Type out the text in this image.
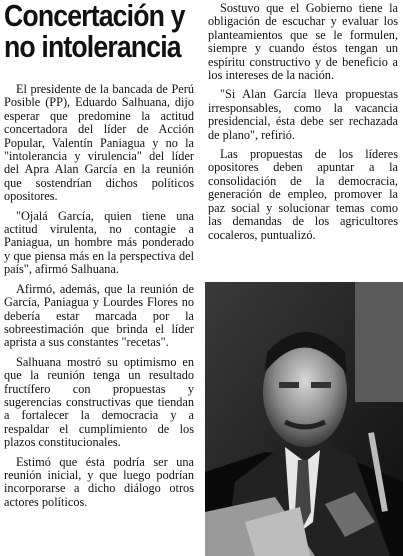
Concertación y
no intolerancia

El presidente de la bancada de Perú Posible (PP), Eduardo Salhuana, dijo esperar que predomine la actitud concertadora del líder de Acción Popular, Valentín Paniagua y no la "intolerancia y virulencia" del líder del Apra Alan García en la reunión que sostendrían dichos políticos opositores.

"Ojalá García, quien tiene una actitud virulenta, no contagie a Paniagua, un hombre más ponderado y que piensa más en la perspectiva del país", afirmó Salhuana.

Afirmó, además, que la reunión de García, Paniagua y Lourdes Flores no debería estar marcada por la sobreestimación que brinda el líder aprista a sus constantes "recetas".

Salhuana mostró su optimismo en que la reunión tenga un resultado fructífero con propuestas y sugerencias constructivas que tiendan a fortalecer la democracia y a respaldar el cumplimiento de los plazos constitucionales.

Estimó que ésta podría ser una reunión inicial, y que luego podrían incorporarse a dicho diálogo otros actores políticos.

Sostuvo que el Gobierno tiene la obligación de escuchar y evaluar los planteamientos que se le formulen, siempre y cuando éstos tengan un espíritu constructivo y de beneficio a los intereses de la nación.

"Si Alan García lleva propuestas irresponsables, como la vacancia presidencial, ésta debe ser rechazada de plano", refirió.

Las propuestas de los líderes opositores deben apuntar a la consolidación de la democracia, generación de empleo, promover la paz social y solucionar temas como las demandas de los agricultores cocaleros, puntualizó.
